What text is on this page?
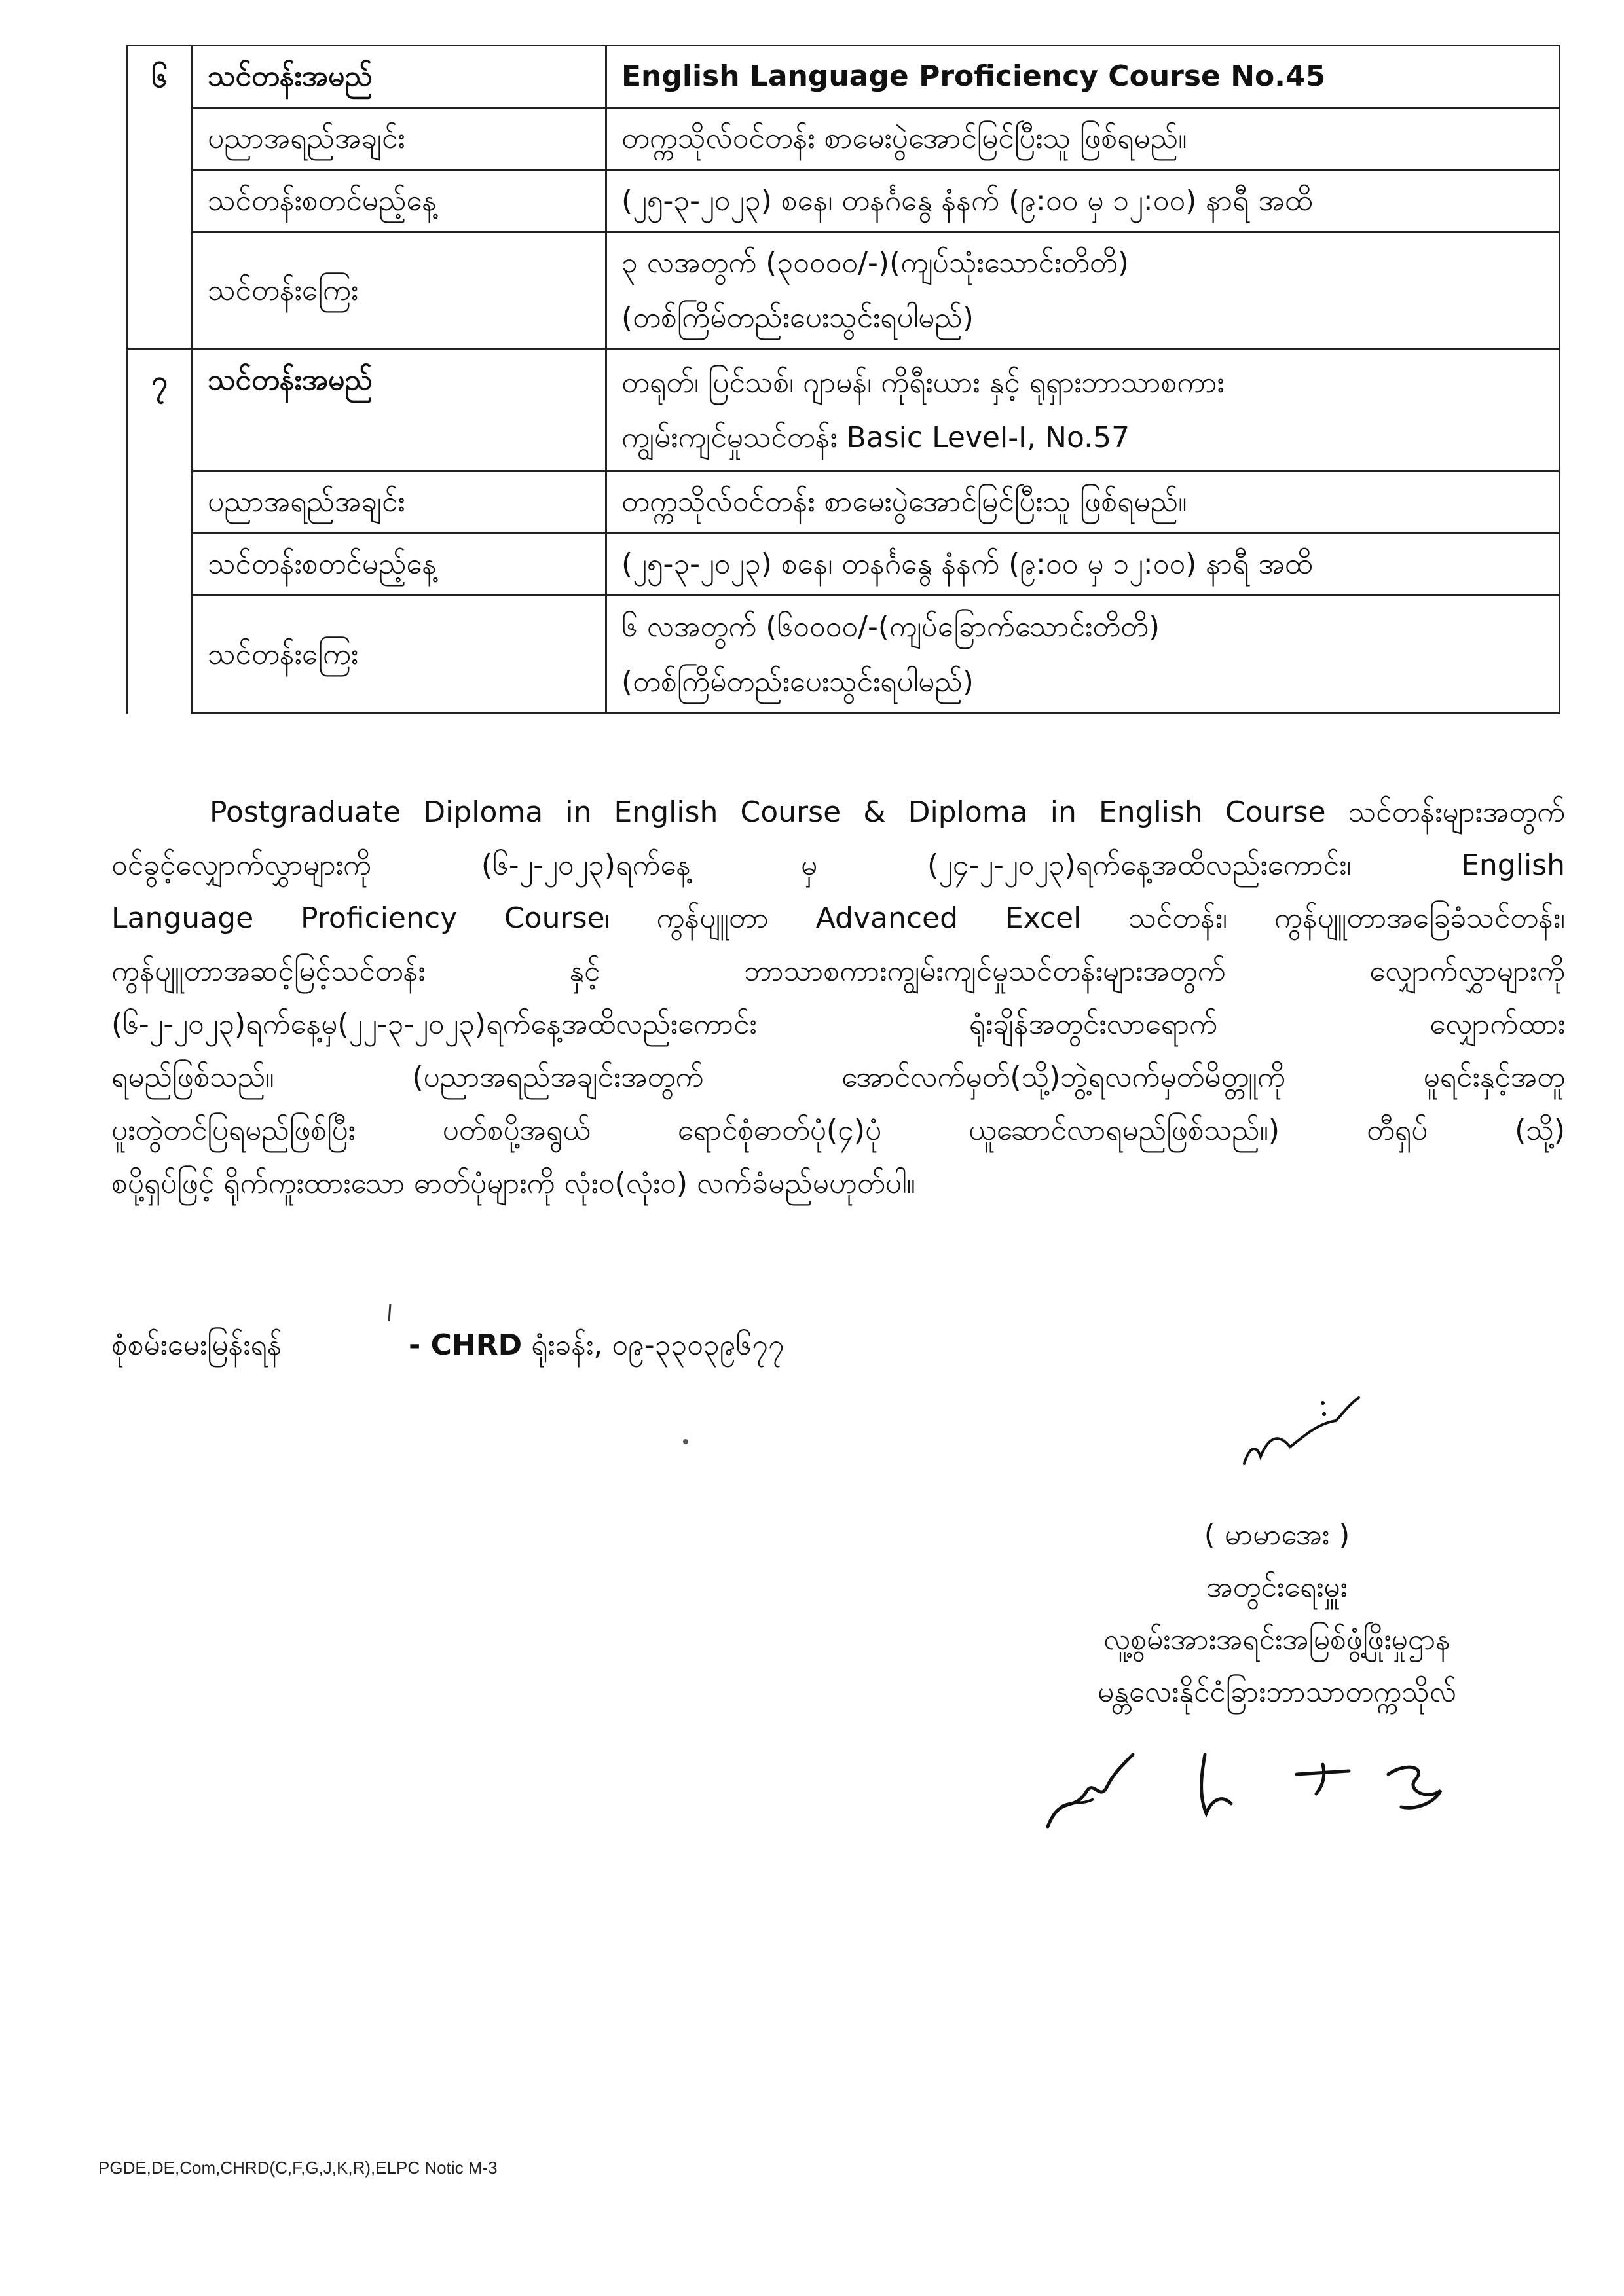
၆	သင်တန်းအမည်	English Language Proficiency Course No.45

	ပညာအရည်အချင်း	တက္ကသိုလ်ဝင်တန်း စာမေးပွဲအောင်မြင်ပြီးသူ ဖြစ်ရမည်။

	သင်တန်းစတင်မည့်နေ့	(၂၅-၃-၂၀၂၃) စနေ၊ တနင်္ဂနွေ နံနက် (၉:၀၀ မှ ၁၂:၀၀) နာရီ အထိ

	သင်တန်းကြေး	၃ လအတွက် (၃၀၀၀၀/-)(ကျပ်သုံးသောင်းတိတိ)
(တစ်ကြိမ်တည်းပေးသွင်းရပါမည်)

၇	သင်တန်းအမည်	တရုတ်၊ ပြင်သစ်၊ ဂျာမန်၊ ကိုရီးယား နှင့် ရုရှားဘာသာစကား
ကျွမ်းကျင်မှုသင်တန်း Basic Level-I, No.57

	ပညာအရည်အချင်း	တက္ကသိုလ်ဝင်တန်း စာမေးပွဲအောင်မြင်ပြီးသူ ဖြစ်ရမည်။

	သင်တန်းစတင်မည့်နေ့	(၂၅-၃-၂၀၂၃) စနေ၊ တနင်္ဂနွေ နံနက် (၉:၀၀ မှ ၁၂:၀၀) နာရီ အထိ

	သင်တန်းကြေး	၆ လအတွက် (၆၀၀၀၀/-(ကျပ်ခြောက်သောင်းတိတိ)
(တစ်ကြိမ်တည်းပေးသွင်းရပါမည်)
Postgraduate Diploma in English Course & Diploma in English Course သင်တန်းများအတွက်
ဝင်ခွင့်လျှောက်လွှာများကို (၆-၂-၂၀၂၃)ရက်နေ့ မှ (၂၄-၂-၂၀၂၃)ရက်နေ့အထိလည်းကောင်း၊ English
Language Proficiency Course၊ ကွန်ပျူတာ Advanced Excel သင်တန်း၊ ကွန်ပျူတာအခြေခံသင်တန်း၊
ကွန်ပျူတာအဆင့်မြင့်သင်တန်း နှင့် ဘာသာစကားကျွမ်းကျင်မှုသင်တန်းများအတွက် လျှောက်လွှာများကို
(၆-၂-၂၀၂၃)ရက်နေ့မှ(၂၂-၃-၂၀၂၃)ရက်နေ့အထိလည်းကောင်း ရုံးချိန်အတွင်းလာရောက် လျှောက်ထား
ရမည်ဖြစ်သည်။ (ပညာအရည်အချင်းအတွက် အောင်လက်မှတ်(သို့)ဘွဲ့ရလက်မှတ်မိတ္တူကို မူရင်းနှင့်အတူ
ပူးတွဲတင်ပြရမည်ဖြစ်ပြီး ပတ်စပို့အရွယ် ရောင်စုံဓာတ်ပုံ(၄)ပုံ ယူဆောင်လာရမည်ဖြစ်သည်။) တီရှပ် (သို့)
စပို့ရှပ်ဖြင့် ရိုက်ကူးထားသော ဓာတ်ပုံများကို လုံးဝ(လုံးဝ) လက်ခံမည်မဟုတ်ပါ။
စုံစမ်းမေးမြန်းရန်	- CHRD ရုံးခန်း, ၀၉-၃၃၀၃၉၆၇၇
( မာမာအေး )
အတွင်းရေးမှူး
လူ့စွမ်းအားအရင်းအမြစ်ဖွံ့ဖြိုးမှုဌာန
မန္တလေးနိုင်ငံခြားဘာသာတက္ကသိုလ်
PGDE,DE,Com,CHRD(C,F,G,J,K,R),ELPC Notic M-3
